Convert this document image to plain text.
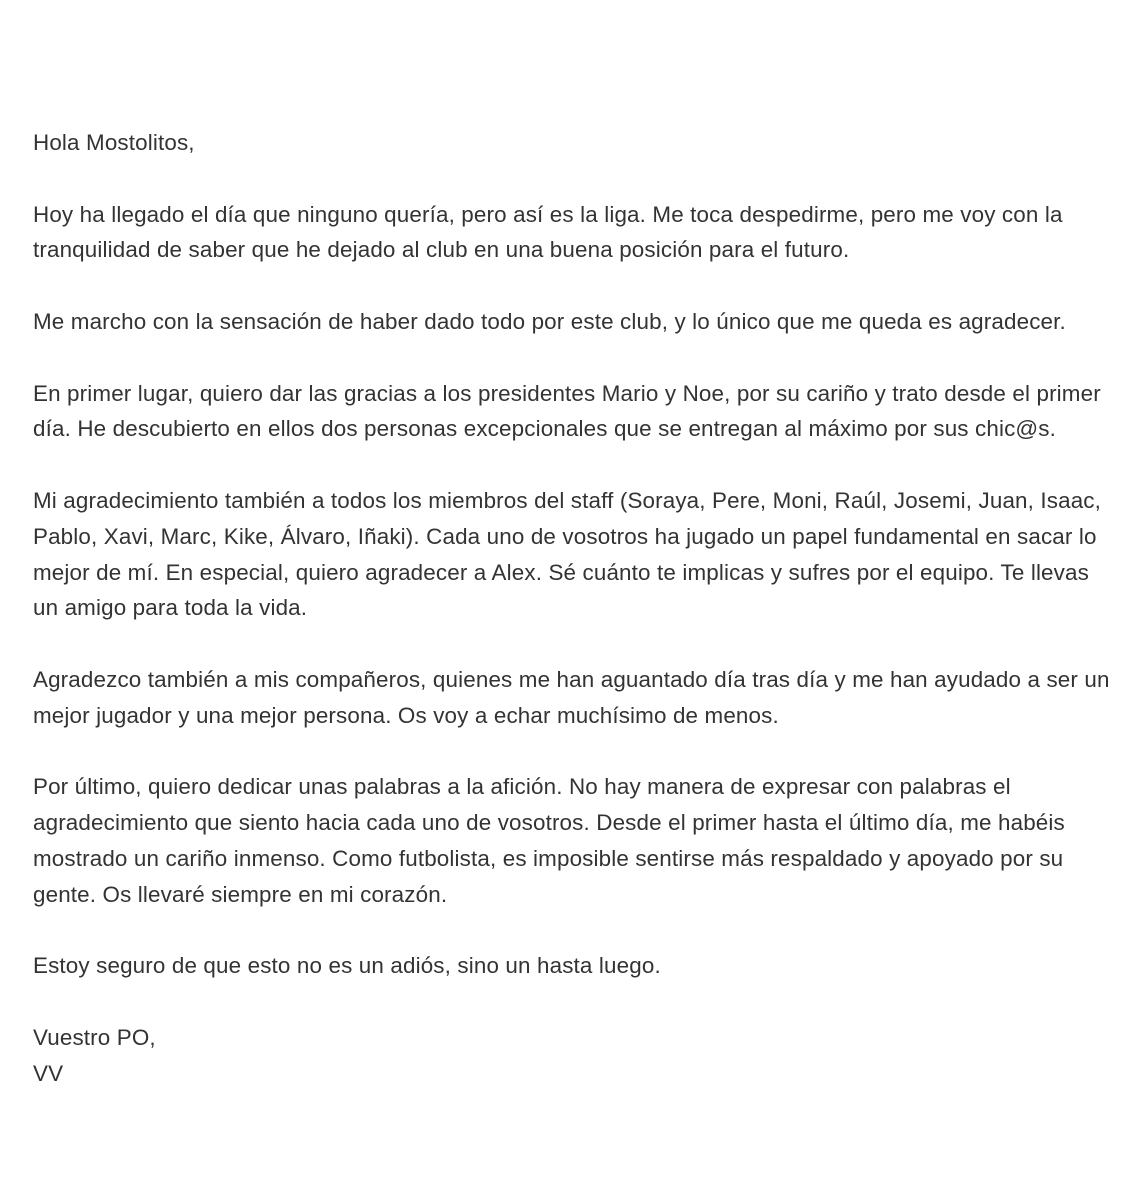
Hola Mostolitos,

Hoy ha llegado el día que ninguno quería, pero así es la liga. Me toca despedirme, pero me voy con la tranquilidad de saber que he dejado al club en una buena posición para el futuro.

Me marcho con la sensación de haber dado todo por este club, y lo único que me queda es agradecer.

En primer lugar, quiero dar las gracias a los presidentes Mario y Noe, por su cariño y trato desde el primer día. He descubierto en ellos dos personas excepcionales que se entregan al máximo por sus chic@s.

Mi agradecimiento también a todos los miembros del staff (Soraya, Pere, Moni, Raúl, Josemi, Juan, Isaac, Pablo, Xavi, Marc, Kike, Álvaro, Iñaki). Cada uno de vosotros ha jugado un papel fundamental en sacar lo mejor de mí. En especial, quiero agradecer a Alex. Sé cuánto te implicas y sufres por el equipo. Te llevas un amigo para toda la vida.

Agradezco también a mis compañeros, quienes me han aguantado día tras día y me han ayudado a ser un mejor jugador y una mejor persona. Os voy a echar muchísimo de menos.

Por último, quiero dedicar unas palabras a la afición. No hay manera de expresar con palabras el agradecimiento que siento hacia cada uno de vosotros. Desde el primer hasta el último día, me habéis mostrado un cariño inmenso. Como futbolista, es imposible sentirse más respaldado y apoyado por su gente. Os llevaré siempre en mi corazón.

Estoy seguro de que esto no es un adiós, sino un hasta luego.

Vuestro PO,

VV
